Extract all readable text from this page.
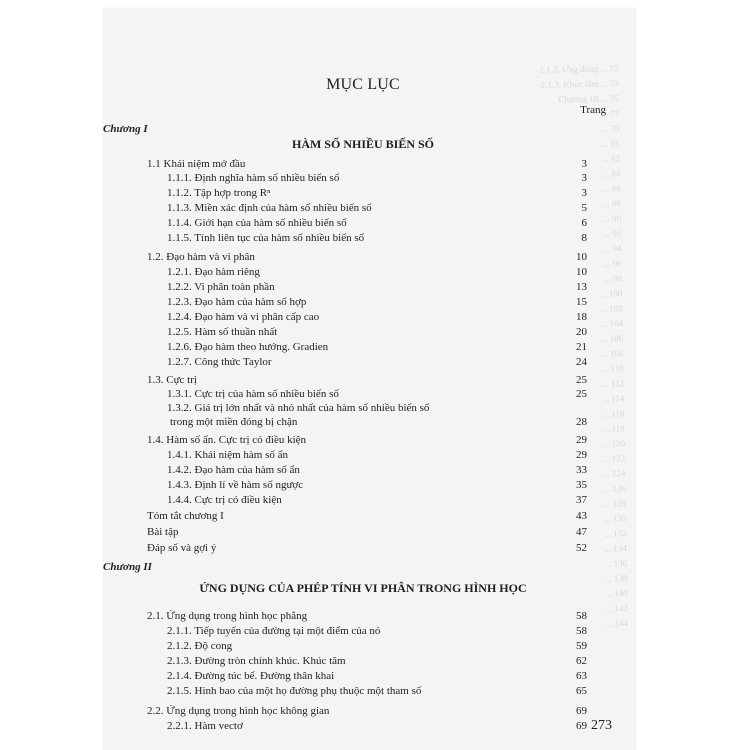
2.1.2. Ứng dụng ... 72
2.1.3. Khúc tâm ... 73
Chương III ... 75
... 77
... 79
... 81
... 82
... 84
... 86
... 88
... 90
... 92
... 94
... 96
... 98
... 100
... 102
... 104
... 106
... 108
... 110
... 112
... 114
... 116
... 118
... 120
... 122
... 124
... 126
... 128
... 130
... 132
... 134
... 136
... 138
... 140
... 142
... 144
MỤC LỤC
Trang
Chương I
HÀM SỐ NHIỀU BIẾN SỐ
1.1 Khái niệm mở đầu	3
1.1.1. Định nghĩa hàm số nhiều biến số	3
1.1.2. Tập hợp trong Rⁿ	3
1.1.3. Miền xác định của hàm số nhiều biến số	5
1.1.4. Giới hạn của hàm số nhiều biến số	6
1.1.5. Tính liên tục của hàm số nhiều biến số	8
1.2. Đạo hàm và vi phân	10
1.2.1. Đạo hàm riêng	10
1.2.2. Vi phân toàn phần	13
1.2.3. Đạo hàm của hàm số hợp	15
1.2.4. Đạo hàm và vi phân cấp cao	18
1.2.5. Hàm số thuần nhất	20
1.2.6. Đạo hàm theo hướng. Gradien	21
1.2.7. Công thức Taylor	24
1.3. Cực trị	25
1.3.1. Cực trị của hàm số nhiều biến số	25
1.3.2. Giá trị lớn nhất và nhỏ nhất của hàm số nhiều biến số
trong một miền đóng bị chặn	28
1.4. Hàm số ẩn. Cực trị có điều kiện	29
1.4.1. Khái niệm hàm số ẩn	29
1.4.2. Đạo hàm của hàm số ẩn	33
1.4.3. Định lí về hàm số ngược	35
1.4.4. Cực trị có điều kiện	37
Tóm tắt chương I	43
Bài tập	47
Đáp số và gợi ý	52
Chương II
ỨNG DỤNG CỦA PHÉP TÍNH VI PHÂN TRONG HÌNH HỌC
2.1. Ứng dụng trong hình học phẳng	58
2.1.1. Tiếp tuyến của đường tại một điểm của nó	58
2.1.2. Độ cong	59
2.1.3. Đường tròn chính khúc. Khúc tâm	62
2.1.4. Đường túc bế. Đường thân khai	63
2.1.5. Hình bao của một họ đường phụ thuộc một tham số	65
2.2. Ứng dụng trong hình học không gian	69
2.2.1. Hàm vectơ	69 273
